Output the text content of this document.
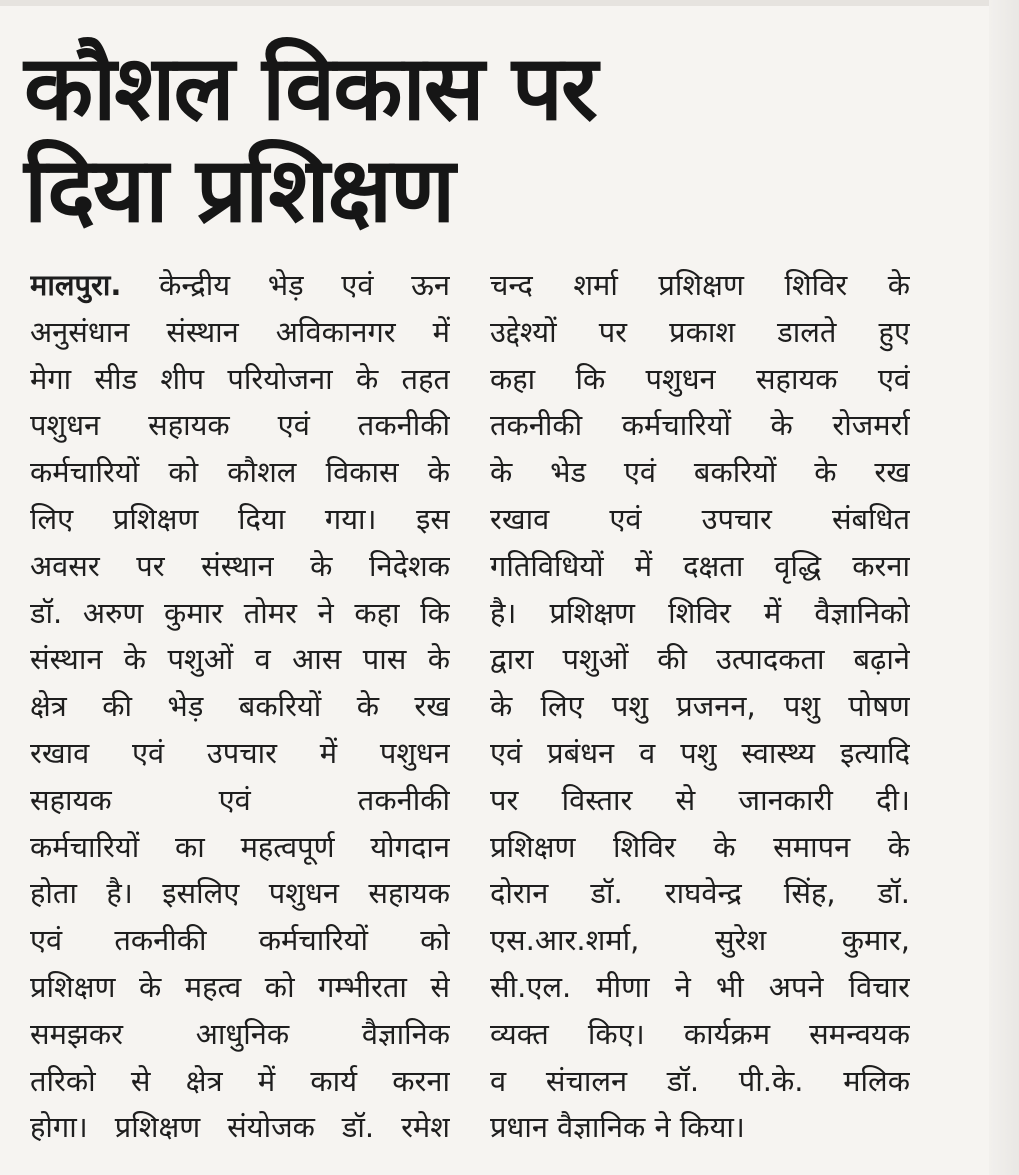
कौशल विकास पर
दिया प्रशिक्षण
मालपुरा. केन्द्रीय भेड़ एवं ऊन
अनुसंधान संस्थान अविकानगर में
मेगा सीड शीप परियोजना के तहत
पशुधन सहायक एवं तकनीकी
कर्मचारियों को कौशल विकास के
लिए प्रशिक्षण दिया गया। इस
अवसर पर संस्थान के निदेशक
डॉ. अरुण कुमार तोमर ने कहा कि
संस्थान के पशुओं व आस पास के
क्षेत्र की भेड़ बकरियों के रख
रखाव एवं उपचार में पशुधन
सहायक एवं तकनीकी
कर्मचारियों का महत्वपूर्ण योगदान
होता है। इसलिए पशुधन सहायक
एवं तकनीकी कर्मचारियों को
प्रशिक्षण के महत्व को गम्भीरता से
समझकर आधुनिक वैज्ञानिक
तरिको से क्षेत्र में कार्य करना
होगा। प्रशिक्षण संयोजक डॉ. रमेश
चन्द शर्मा प्रशिक्षण शिविर के
उद्देश्यों पर प्रकाश डालते हुए
कहा कि पशुधन सहायक एवं
तकनीकी कर्मचारियों के रोजमर्रा
के भेड एवं बकरियों के रख
रखाव एवं उपचार संबधित
गतिविधियों में दक्षता वृद्धि करना
है। प्रशिक्षण शिविर में वैज्ञानिको
द्वारा पशुओं की उत्पादकता बढ़ाने
के लिए पशु प्रजनन, पशु पोषण
एवं प्रबंधन व पशु स्वास्थ्य इत्यादि
पर विस्तार से जानकारी दी।
प्रशिक्षण शिविर के समापन के
दोरान डॉ. राघवेन्द्र सिंह, डॉ.
एस.आर.शर्मा, सुरेश कुमार,
सी.एल. मीणा ने भी अपने विचार
व्यक्त किए। कार्यक्रम समन्वयक
व संचालन डॉ. पी.के. मलिक
प्रधान वैज्ञानिक ने किया।
